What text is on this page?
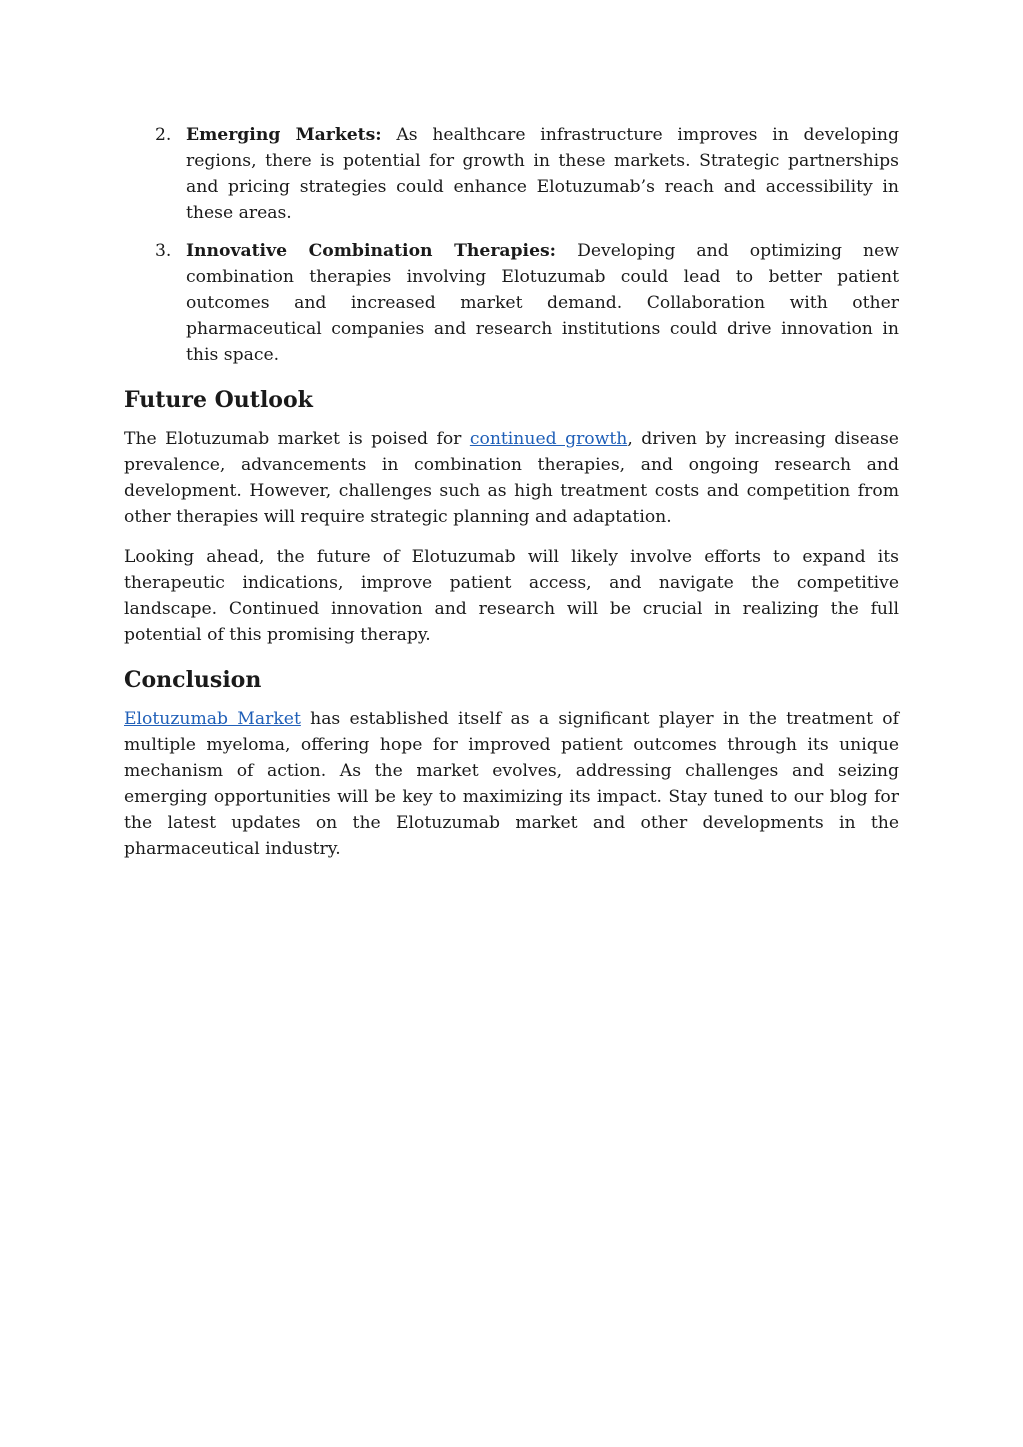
2. Emerging Markets: As healthcare infrastructure improves in developing regions, there is potential for growth in these markets. Strategic partnerships and pricing strategies could enhance Elotuzumab’s reach and accessibility in these areas.
3. Innovative Combination Therapies: Developing and optimizing new combination therapies involving Elotuzumab could lead to better patient outcomes and increased market demand. Collaboration with other pharmaceutical companies and research institutions could drive innovation in this space.
Future Outlook

The Elotuzumab market is poised for continued growth, driven by increasing disease prevalence, advancements in combination therapies, and ongoing research and development. However, challenges such as high treatment costs and competition from other therapies will require strategic planning and adaptation.

Looking ahead, the future of Elotuzumab will likely involve efforts to expand its therapeutic indications, improve patient access, and navigate the competitive landscape. Continued innovation and research will be crucial in realizing the full potential of this promising therapy.

Conclusion

Elotuzumab Market has established itself as a significant player in the treatment of multiple myeloma, offering hope for improved patient outcomes through its unique mechanism of action. As the market evolves, addressing challenges and seizing emerging opportunities will be key to maximizing its impact. Stay tuned to our blog for the latest updates on the Elotuzumab market and other developments in the pharmaceutical industry.
